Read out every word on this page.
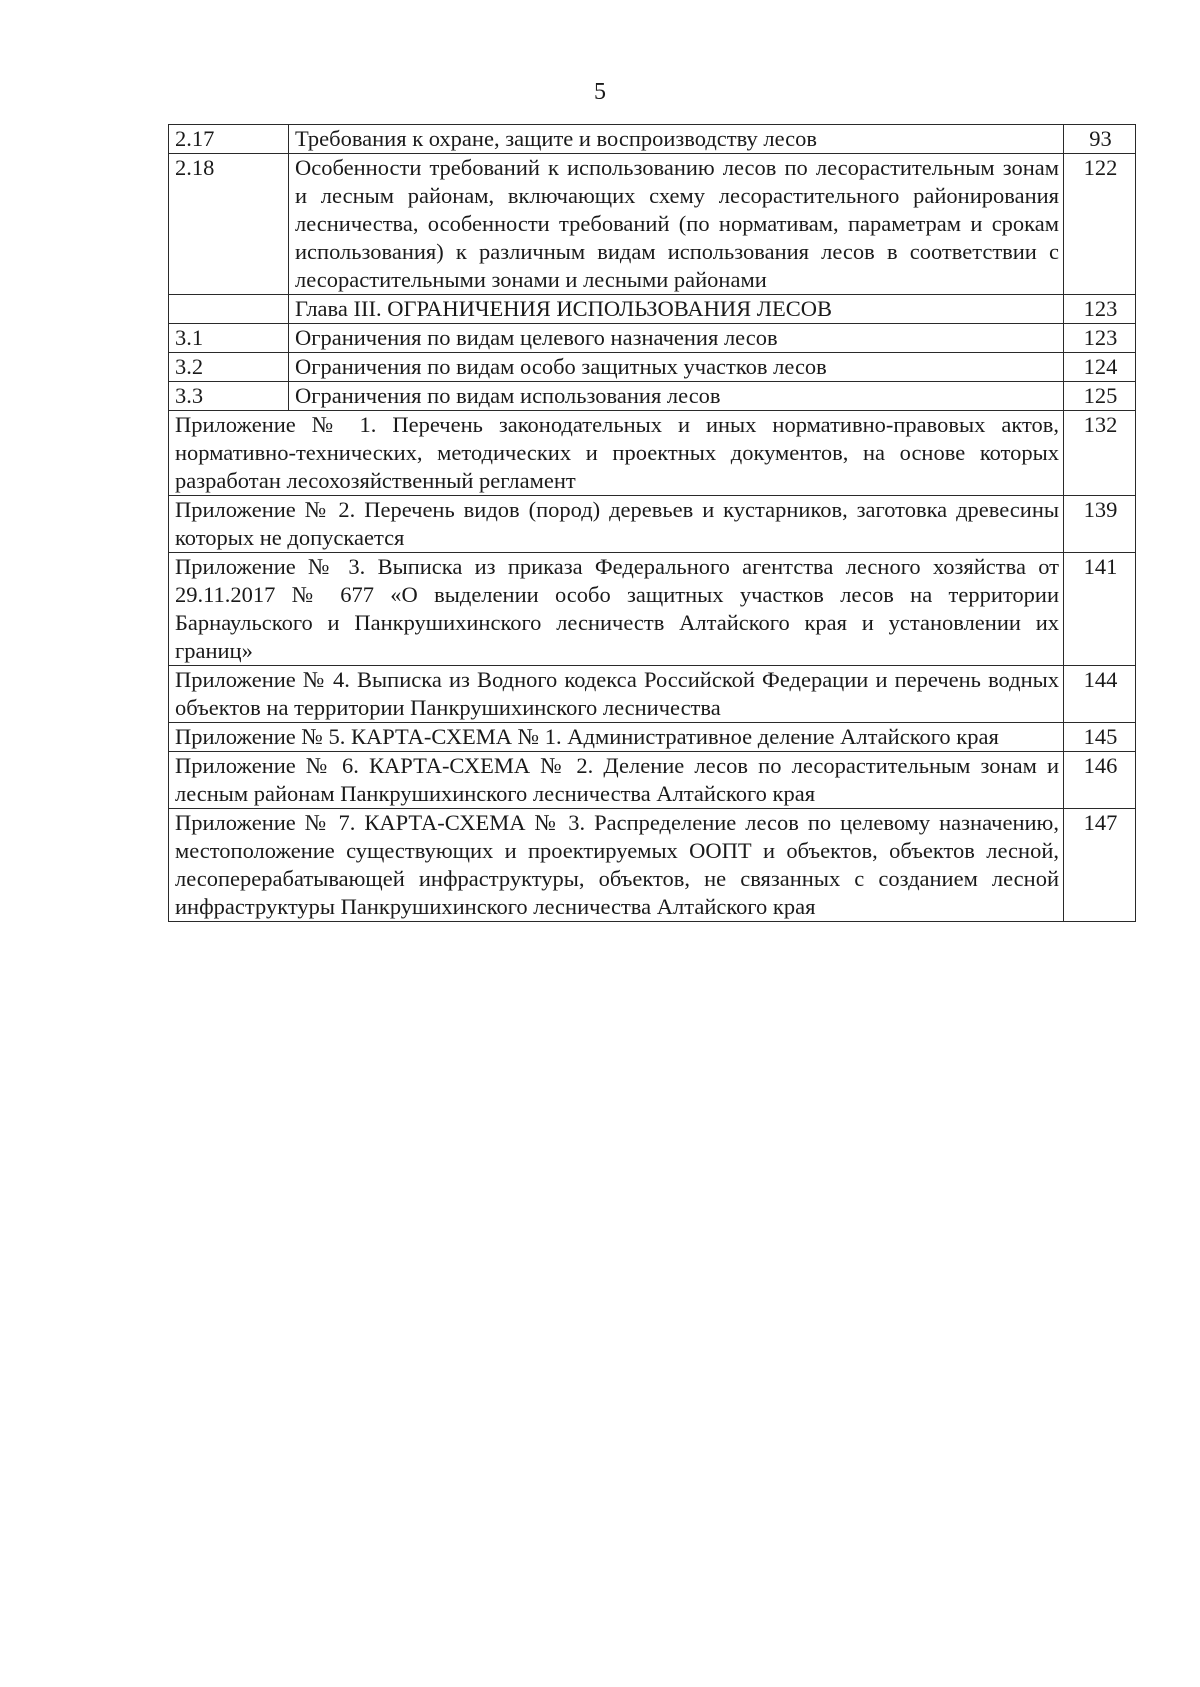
5
2.17	Требования к охране, защите и воспроизводству лесов	93
2.18	Особенности требований к использованию лесов по лесорастительным зонам и лесным районам, включающих схему лесорастительного районирования лесничества, особенности требований (по нормативам, параметрам и срокам использования) к различным видам использования лесов в соответствии с лесорастительными зонами и лесными районами	122
	Глава III. ОГРАНИЧЕНИЯ ИСПОЛЬЗОВАНИЯ ЛЕСОВ	123
3.1	Ограничения по видам целевого назначения лесов	123
3.2	Ограничения по видам особо защитных участков лесов	124
3.3	Ограничения по видам использования лесов	125
Приложение № 1. Перечень законодательных и иных нормативно-правовых актов, нормативно-технических, методических и проектных документов, на основе которых разработан лесохозяйственный регламент		132
Приложение № 2. Перечень видов (пород) деревьев и кустарников, заготовка древесины которых не допускается		139
Приложение № 3. Выписка из приказа Федерального агентства лесного хозяйства от 29.11.2017 № 677 «О выделении особо защитных участков лесов на территории Барнаульского и Панкрушихинского лесничеств Алтайского края и установлении их границ»		141
Приложение № 4. Выписка из Водного кодекса Российской Федерации и перечень водных объектов на территории Панкрушихинского лесничества		144
Приложение № 5. КАРТА-СХЕМА № 1. Административное деление Алтайского края		145
Приложение № 6. КАРТА-СХЕМА № 2. Деление лесов по лесорастительным зонам и лесным районам Панкрушихинского лесничества Алтайского края		146
Приложение № 7. КАРТА-СХЕМА № 3. Распределение лесов по целевому назначению, местоположение существующих и проектируемых ООПТ и объектов, объектов лесной, лесоперерабатывающей инфраструктуры, объектов, не связанных с созданием лесной инфраструктуры Панкрушихинского лесничества Алтайского края		147
